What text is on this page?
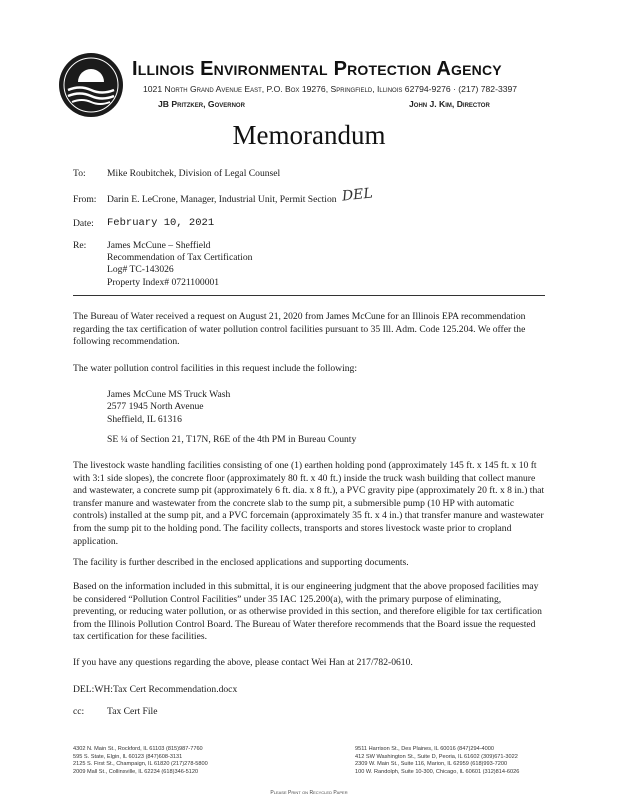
Illinois Environmental Protection Agency
1021 North Grand Avenue East, P.O. Box 19276, Springfield, Illinois 62794-9276 · (217) 782-3397
JB Pritzker, Governor	John J. Kim, Director
Memorandum
To: Mike Roubitchek, Division of Legal Counsel
From: Darin E. LeCrone, Manager, Industrial Unit, Permit Section DEL
Date: February 10, 2021
Re: James McCune – Sheffield
Recommendation of Tax Certification
Log# TC-143026
Property Index# 0721100001
The Bureau of Water received a request on August 21, 2020 from James McCune for an Illinois EPA recommendation regarding the tax certification of water pollution control facilities pursuant to 35 Ill. Adm. Code 125.204. We offer the following recommendation.
The water pollution control facilities in this request include the following:
James McCune MS Truck Wash
2577 1945 North Avenue
Sheffield, IL 61316
SE ¼ of Section 21, T17N, R6E of the 4th PM in Bureau County
The livestock waste handling facilities consisting of one (1) earthen holding pond (approximately 145 ft. x 145 ft. x 10 ft with 3:1 side slopes), the concrete floor (approximately 80 ft. x 40 ft.) inside the truck wash building that collect manure and wastewater, a concrete sump pit (approximately 6 ft. dia. x 8 ft.), a PVC gravity pipe (approximately 20 ft. x 8 in.) that transfer manure and wastewater from the concrete slab to the sump pit, a submersible pump (10 HP with automatic controls) installed at the sump pit, and a PVC forcemain (approximately 35 ft. x 4 in.) that transfer manure and wastewater from the sump pit to the holding pond. The facility collects, transports and stores livestock waste prior to cropland application.
The facility is further described in the enclosed applications and supporting documents.
Based on the information included in this submittal, it is our engineering judgment that the above proposed facilities may be considered “Pollution Control Facilities” under 35 IAC 125.200(a), with the primary purpose of eliminating, preventing, or reducing water pollution, or as otherwise provided in this section, and therefore eligible for tax certification from the Illinois Pollution Control Board. The Bureau of Water therefore recommends that the Board issue the requested tax certification for these facilities.
If you have any questions regarding the above, please contact Wei Han at 217/782-0610.
DEL:WH:Tax Cert Recommendation.docx
cc: Tax Cert File
4302 N. Main St., Rockford, IL 61103 (815)987-7760
595 S. State, Elgin, IL 60123 (847)608-3131
2125 S. First St., Champaign, IL 61820 (217)278-5800
2009 Mall St., Collinsville, IL 62234 (618)346-5120
9511 Harrison St., Des Plaines, IL 60016 (847)294-4000
412 SW Washington St., Suite D, Peoria, IL 61602 (309)671-3022
2309 W. Main St., Suite 116, Marion, IL 62959 (618)993-7200
100 W. Randolph, Suite 10-300, Chicago, IL 60601 (312)814-6026
Please Print on Recycled Paper
